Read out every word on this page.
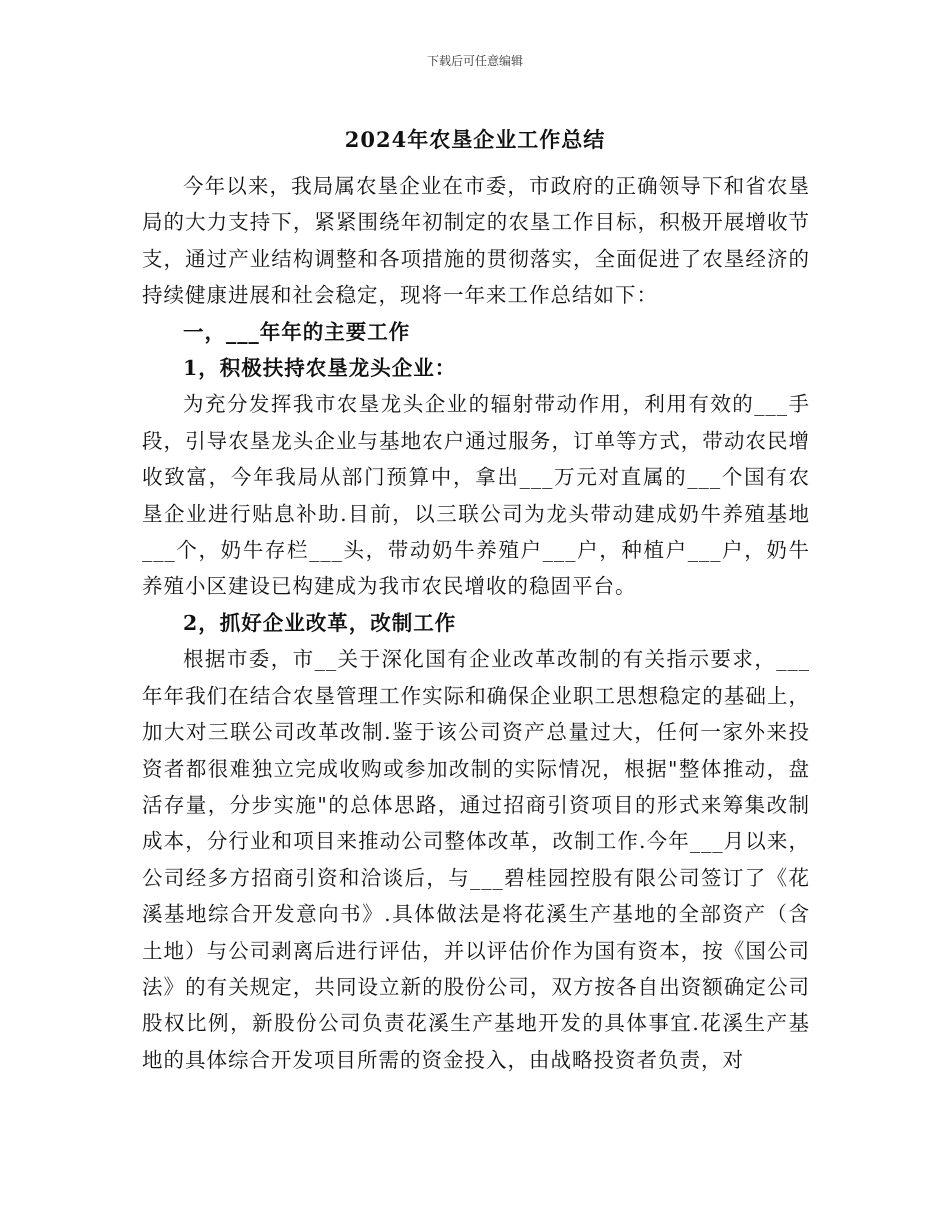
下载后可任意编辑
2024年农垦企业工作总结

今年以来，我局属农垦企业在市委，市政府的正确领导下和省农垦局的大力支持下，紧紧围绕年初制定的农垦工作目标，积极开展增收节支，通过产业结构调整和各项措施的贯彻落实，全面促进了农垦经济的持续健康进展和社会稳定，现将一年来工作总结如下：

一，___年年的主要工作

1，积极扶持农垦龙头企业：

为充分发挥我市农垦龙头企业的辐射带动作用，利用有效的___手段，引导农垦龙头企业与基地农户通过服务，订单等方式，带动农民增收致富，今年我局从部门预算中，拿出___万元对直属的___个国有农垦企业进行贴息补助.目前，以三联公司为龙头带动建成奶牛养殖基地___个，奶牛存栏___头，带动奶牛养殖户___户，种植户___户，奶牛养殖小区建设已构建成为我市农民增收的稳固平台。

2，抓好企业改革，改制工作

根据市委，市__关于深化国有企业改革改制的有关指示要求，___年年我们在结合农垦管理工作实际和确保企业职工思想稳定的基础上，加大对三联公司改革改制.鉴于该公司资产总量过大，任何一家外来投资者都很难独立完成收购或参加改制的实际情况，根据"整体推动，盘活存量，分步实施"的总体思路，通过招商引资项目的形式来筹集改制成本，分行业和项目来推动公司整体改革，改制工作.今年___月以来，公司经多方招商引资和洽谈后，与___碧桂园控股有限公司签订了《花溪基地综合开发意向书》.具体做法是将花溪生产基地的全部资产（含土地）与公司剥离后进行评估，并以评估价作为国有资本，按《国公司法》的有关规定，共同设立新的股份公司，双方按各自出资额确定公司股权比例，新股份公司负责花溪生产基地开发的具体事宜.花溪生产基地的具体综合开发项目所需的资金投入，由战略投资者负责，对
